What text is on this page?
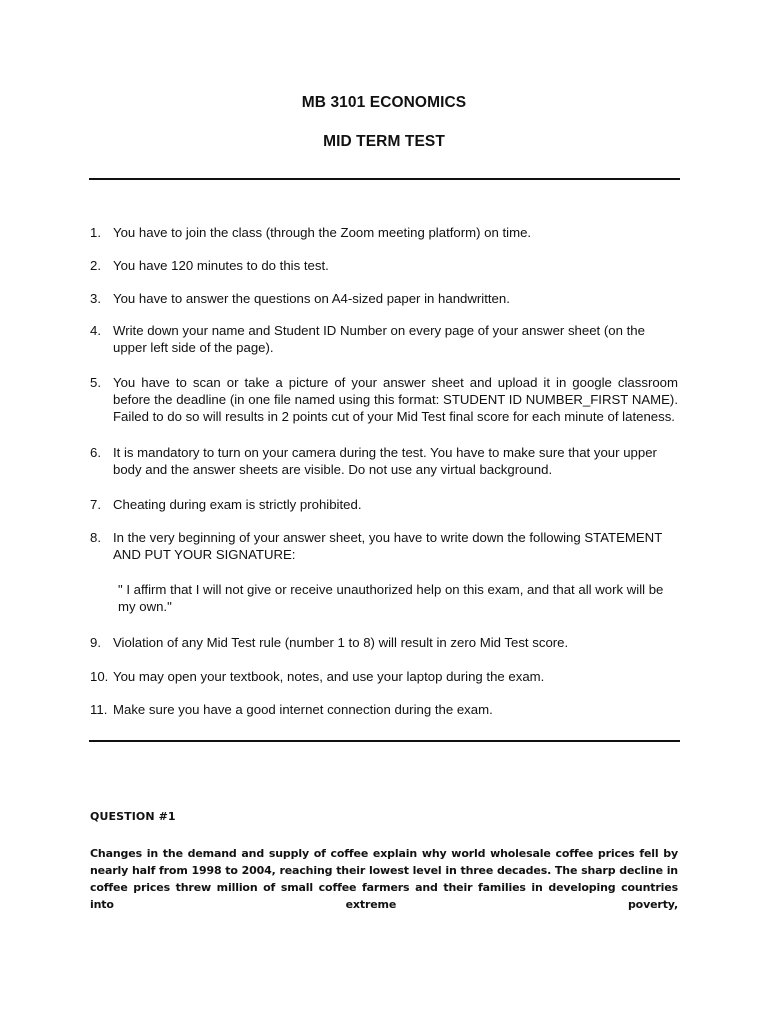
MB 3101 ECONOMICS
MID TERM TEST
1. You have to join the class (through the Zoom meeting platform) on time.
2. You have 120 minutes to do this test.
3. You have to answer the questions on A4-sized paper in handwritten.
4. Write down your name and Student ID Number on every page of your answer sheet (on the upper left side of the page).
5. You have to scan or take a picture of your answer sheet and upload it in google classroom before the deadline (in one file named using this format: STUDENT ID NUMBER_FIRST NAME). Failed to do so will results in 2 points cut of your Mid Test final score for each minute of lateness.
6. It is mandatory to turn on your camera during the test. You have to make sure that your upper body and the answer sheets are visible. Do not use any virtual background.
7. Cheating during exam is strictly prohibited.
8. In the very beginning of your answer sheet, you have to write down the following STATEMENT AND PUT YOUR SIGNATURE:
" I affirm that I will not give or receive unauthorized help on this exam, and that all work will be my own."
9. Violation of any Mid Test rule (number 1 to 8) will result in zero Mid Test score.
10. You may open your textbook, notes, and use your laptop during the exam.
11. Make sure you have a good internet connection during the exam.
QUESTION #1
Changes in the demand and supply of coffee explain why world wholesale coffee prices fell by nearly half from 1998 to 2004, reaching their lowest level in three decades. The sharp decline in coffee prices threw million of small coffee farmers and their families in developing countries into extreme poverty,
